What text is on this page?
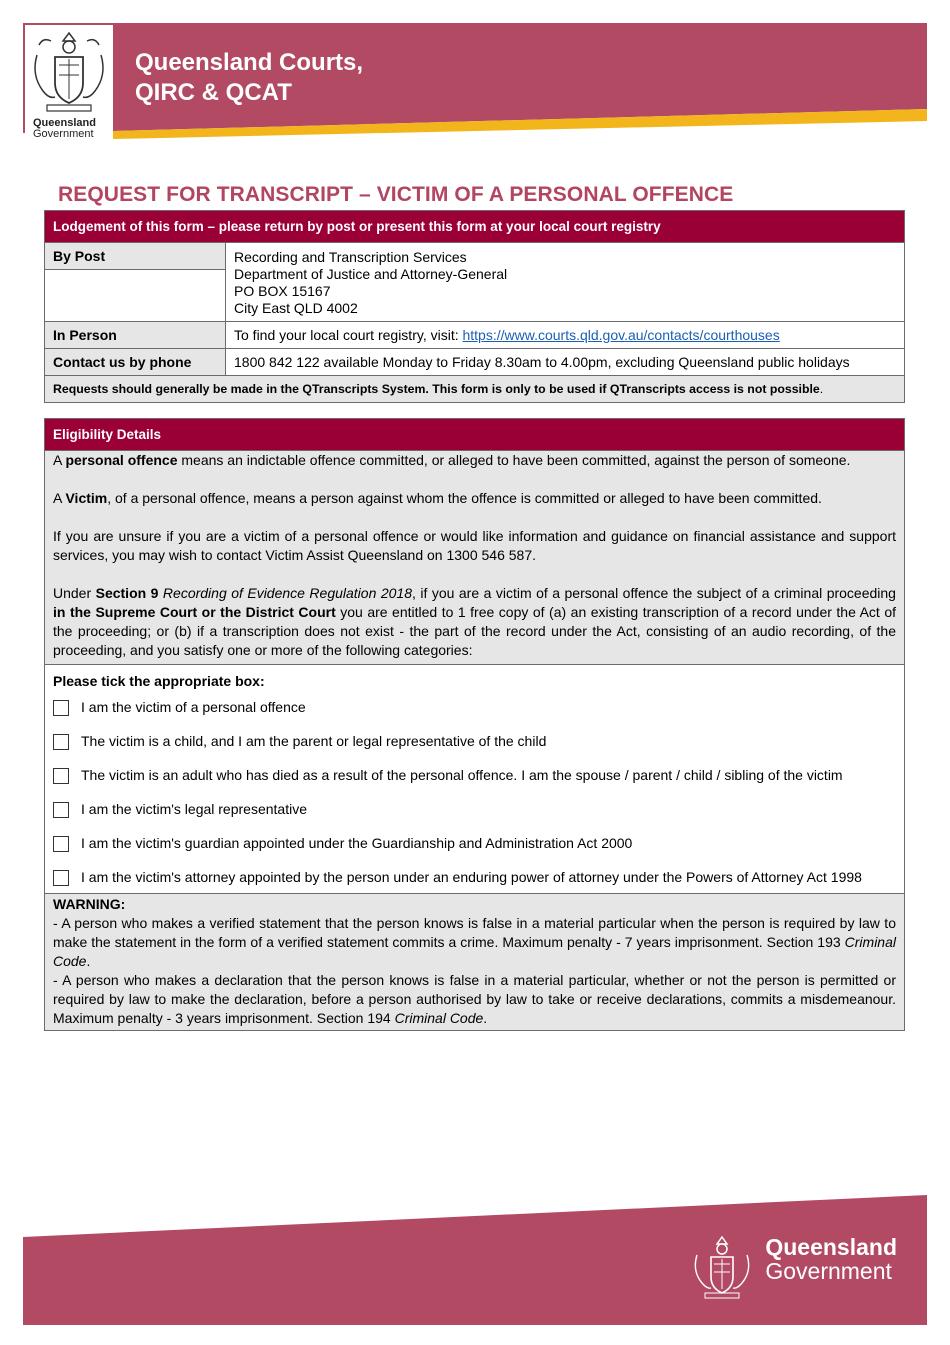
Queensland
Government
Queensland Courts,
QIRC & QCAT
REQUEST FOR TRANSCRIPT – VICTIM OF A PERSONAL OFFENCE
Lodgement of this form – please return by post or present this form at your local court registry	
By Post	Recording and Transcription Services
Department of Justice and Attorney-General
PO BOX 15167
City East QLD 4002

In Person	To find your local court registry, visit: https://www.courts.qld.gov.au/contacts/courthouses
Contact us by phone	1800 842 122 available Monday to Friday 8.30am to 4.00pm, excluding Queensland public holidays
Requests should generally be made in the QTranscripts System. This form is only to be used if QTranscripts access is not possible.	
Eligibility Details

A personal offence means an indictable offence committed, or alleged to have been committed, against the person of someone.

A Victim, of a personal offence, means a person against whom the offence is committed or alleged to have been committed.

If you are unsure if you are a victim of a personal offence or would like information and guidance on financial assistance and support services, you may wish to contact Victim Assist Queensland on 1300 546 587.

Under Section 9 Recording of Evidence Regulation 2018, if you are a victim of a personal offence the subject of a criminal proceeding in the Supreme Court or the District Court you are entitled to 1 free copy of (a) an existing transcription of a record under the Act of the proceeding; or (b) if a transcription does not exist - the part of the record under the Act, consisting of an audio recording, of the proceeding, and you satisfy one or more of the following categories:

Please tick the appropriate box:
I am the victim of a personal offence
The victim is a child, and I am the parent or legal representative of the child
The victim is an adult who has died as a result of the personal offence. I am the spouse / parent / child / sibling of the victim
I am the victim's legal representative
I am the victim's guardian appointed under the Guardianship and Administration Act 2000
I am the victim's attorney appointed by the person under an enduring power of attorney under the Powers of Attorney Act 1998
WARNING:
- A person who makes a verified statement that the person knows is false in a material particular when the person is required by law to make the statement in the form of a verified statement commits a crime. Maximum penalty - 7 years imprisonment. Section 193 Criminal Code.
- A person who makes a declaration that the person knows is false in a material particular, whether or not the person is permitted or required by law to make the declaration, before a person authorised by law to take or receive declarations, commits a misdemeanour. Maximum penalty - 3 years imprisonment. Section 194 Criminal Code.
Queensland
Government
